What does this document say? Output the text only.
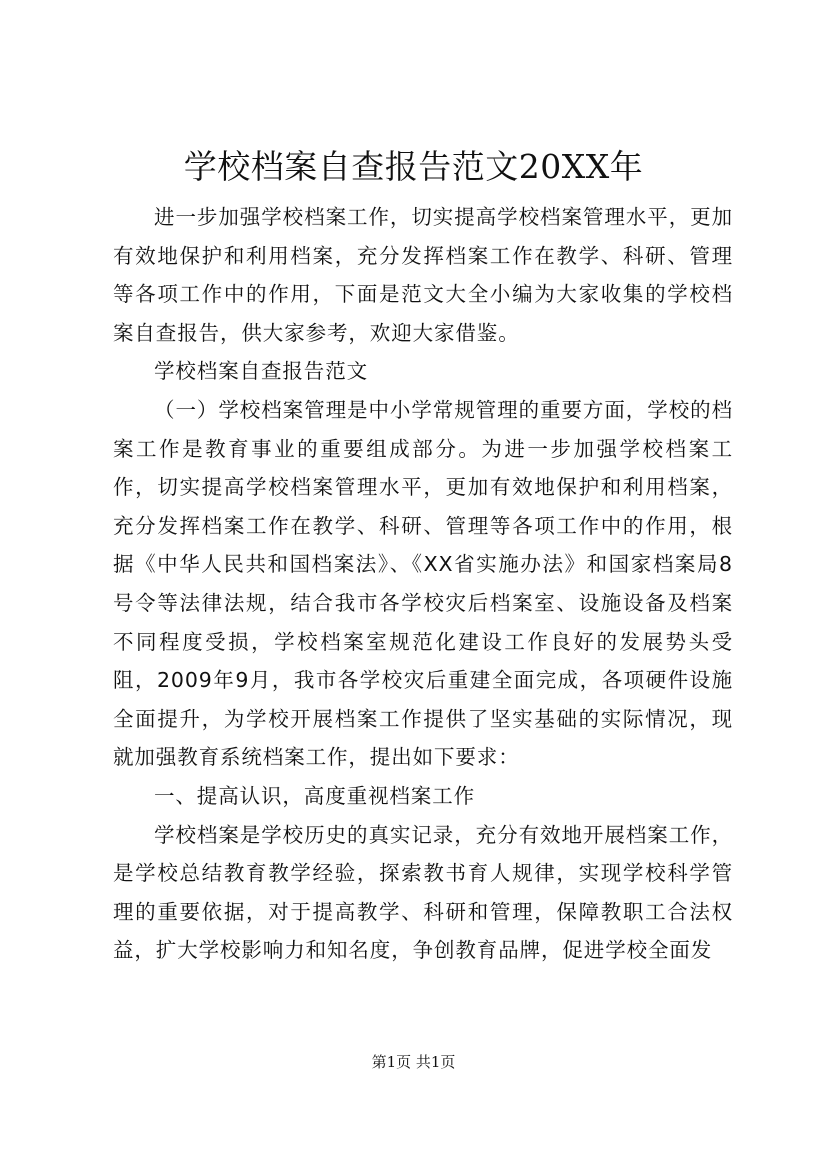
学校档案自查报告范文20XX年

进一步加强学校档案工作，切实提高学校档案管理水平，更加有效地保护和利用档案，充分发挥档案工作在教学、科研、管理等各项工作中的作用，下面是范文大全小编为大家收集的学校档案自查报告，供大家参考，欢迎大家借鉴。

学校档案自查报告范文

（一）学校档案管理是中小学常规管理的重要方面，学校的档案工作是教育事业的重要组成部分。为进一步加强学校档案工作，切实提高学校档案管理水平，更加有效地保护和利用档案，充分发挥档案工作在教学、科研、管理等各项工作中的作用，根据《中华人民共和国档案法》、《XX省实施办法》和国家档案局8号令等法律法规，结合我市各学校灾后档案室、设施设备及档案不同程度受损，学校档案室规范化建设工作良好的发展势头受阻，2009年9月，我市各学校灾后重建全面完成，各项硬件设施全面提升，为学校开展档案工作提供了坚实基础的实际情况，现就加强教育系统档案工作，提出如下要求：

一、提高认识，高度重视档案工作

学校档案是学校历史的真实记录，充分有效地开展档案工作，是学校总结教育教学经验，探索教书育人规律，实现学校科学管理的重要依据，对于提高教学、科研和管理，保障教职工合法权益，扩大学校影响力和知名度，争创教育品牌，促进学校全面发

第1页 共1页
